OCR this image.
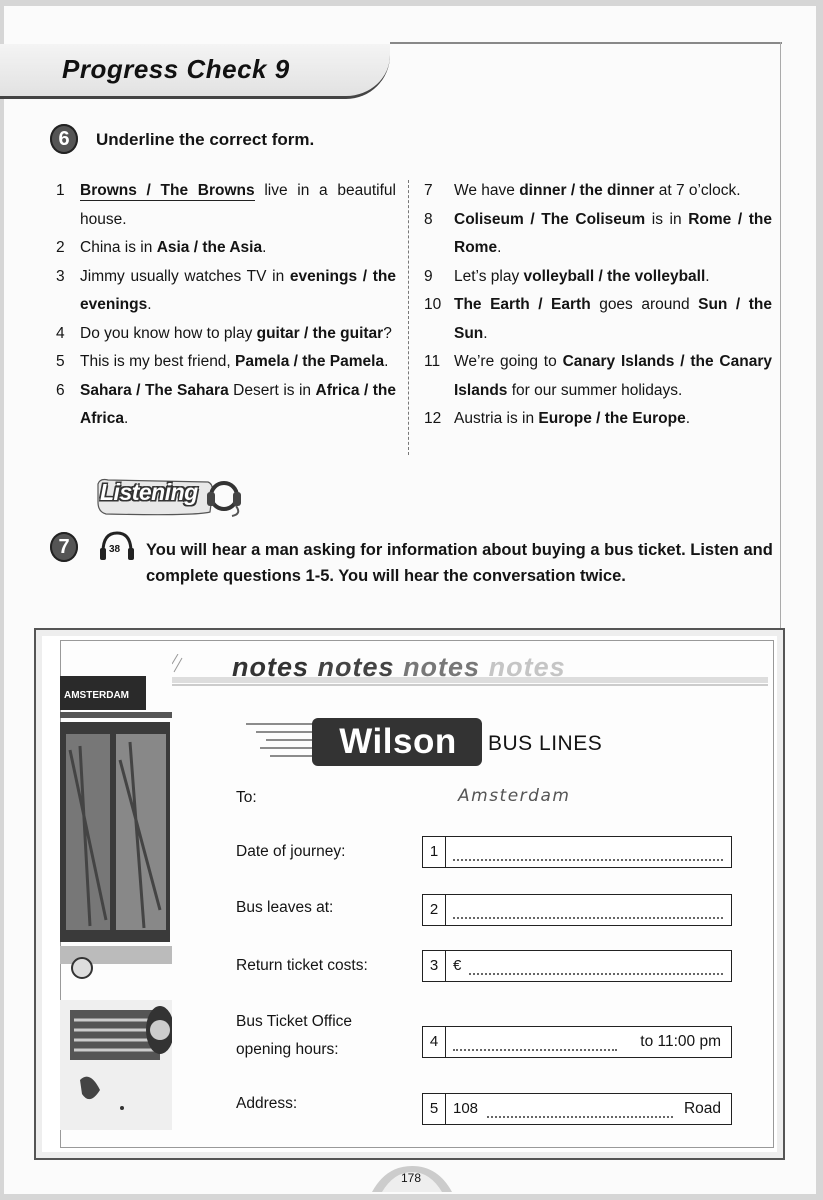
Progress Check 9
6	Underline the correct form.
1 Browns / The Browns live in a beautiful house.
2 China is in Asia / the Asia.
3 Jimmy usually watches TV in evenings / the evenings.
4 Do you know how to play guitar / the guitar?
5 This is my best friend, Pamela / the Pamela.
6 Sahara / The Sahara Desert is in Africa / the Africa.
7	We have dinner / the dinner at 7 o’clock.
8	Coliseum / The Coliseum is in Rome / the Rome.
9	Let’s play volleyball / the volleyball.
10 The Earth / Earth goes around Sun / the Sun.
11 We’re going to Canary Islands / the Canary Islands for our summer holidays.
12 Austria is in Europe / the Europe.
Listening
7	38 You will hear a man asking for information about buying a bus ticket. Listen and complete questions 1-5. You will hear the conversation twice.
AMSTERDAM
notes notes notes notes
Wilson	BUS LINES
To:	Amsterdam
Date of journey:	1
Bus leaves at:	2
Return ticket costs:	3 €
Bus Ticket Office opening hours:	4	to 11:00 pm
Address:	5 108	Road
178
